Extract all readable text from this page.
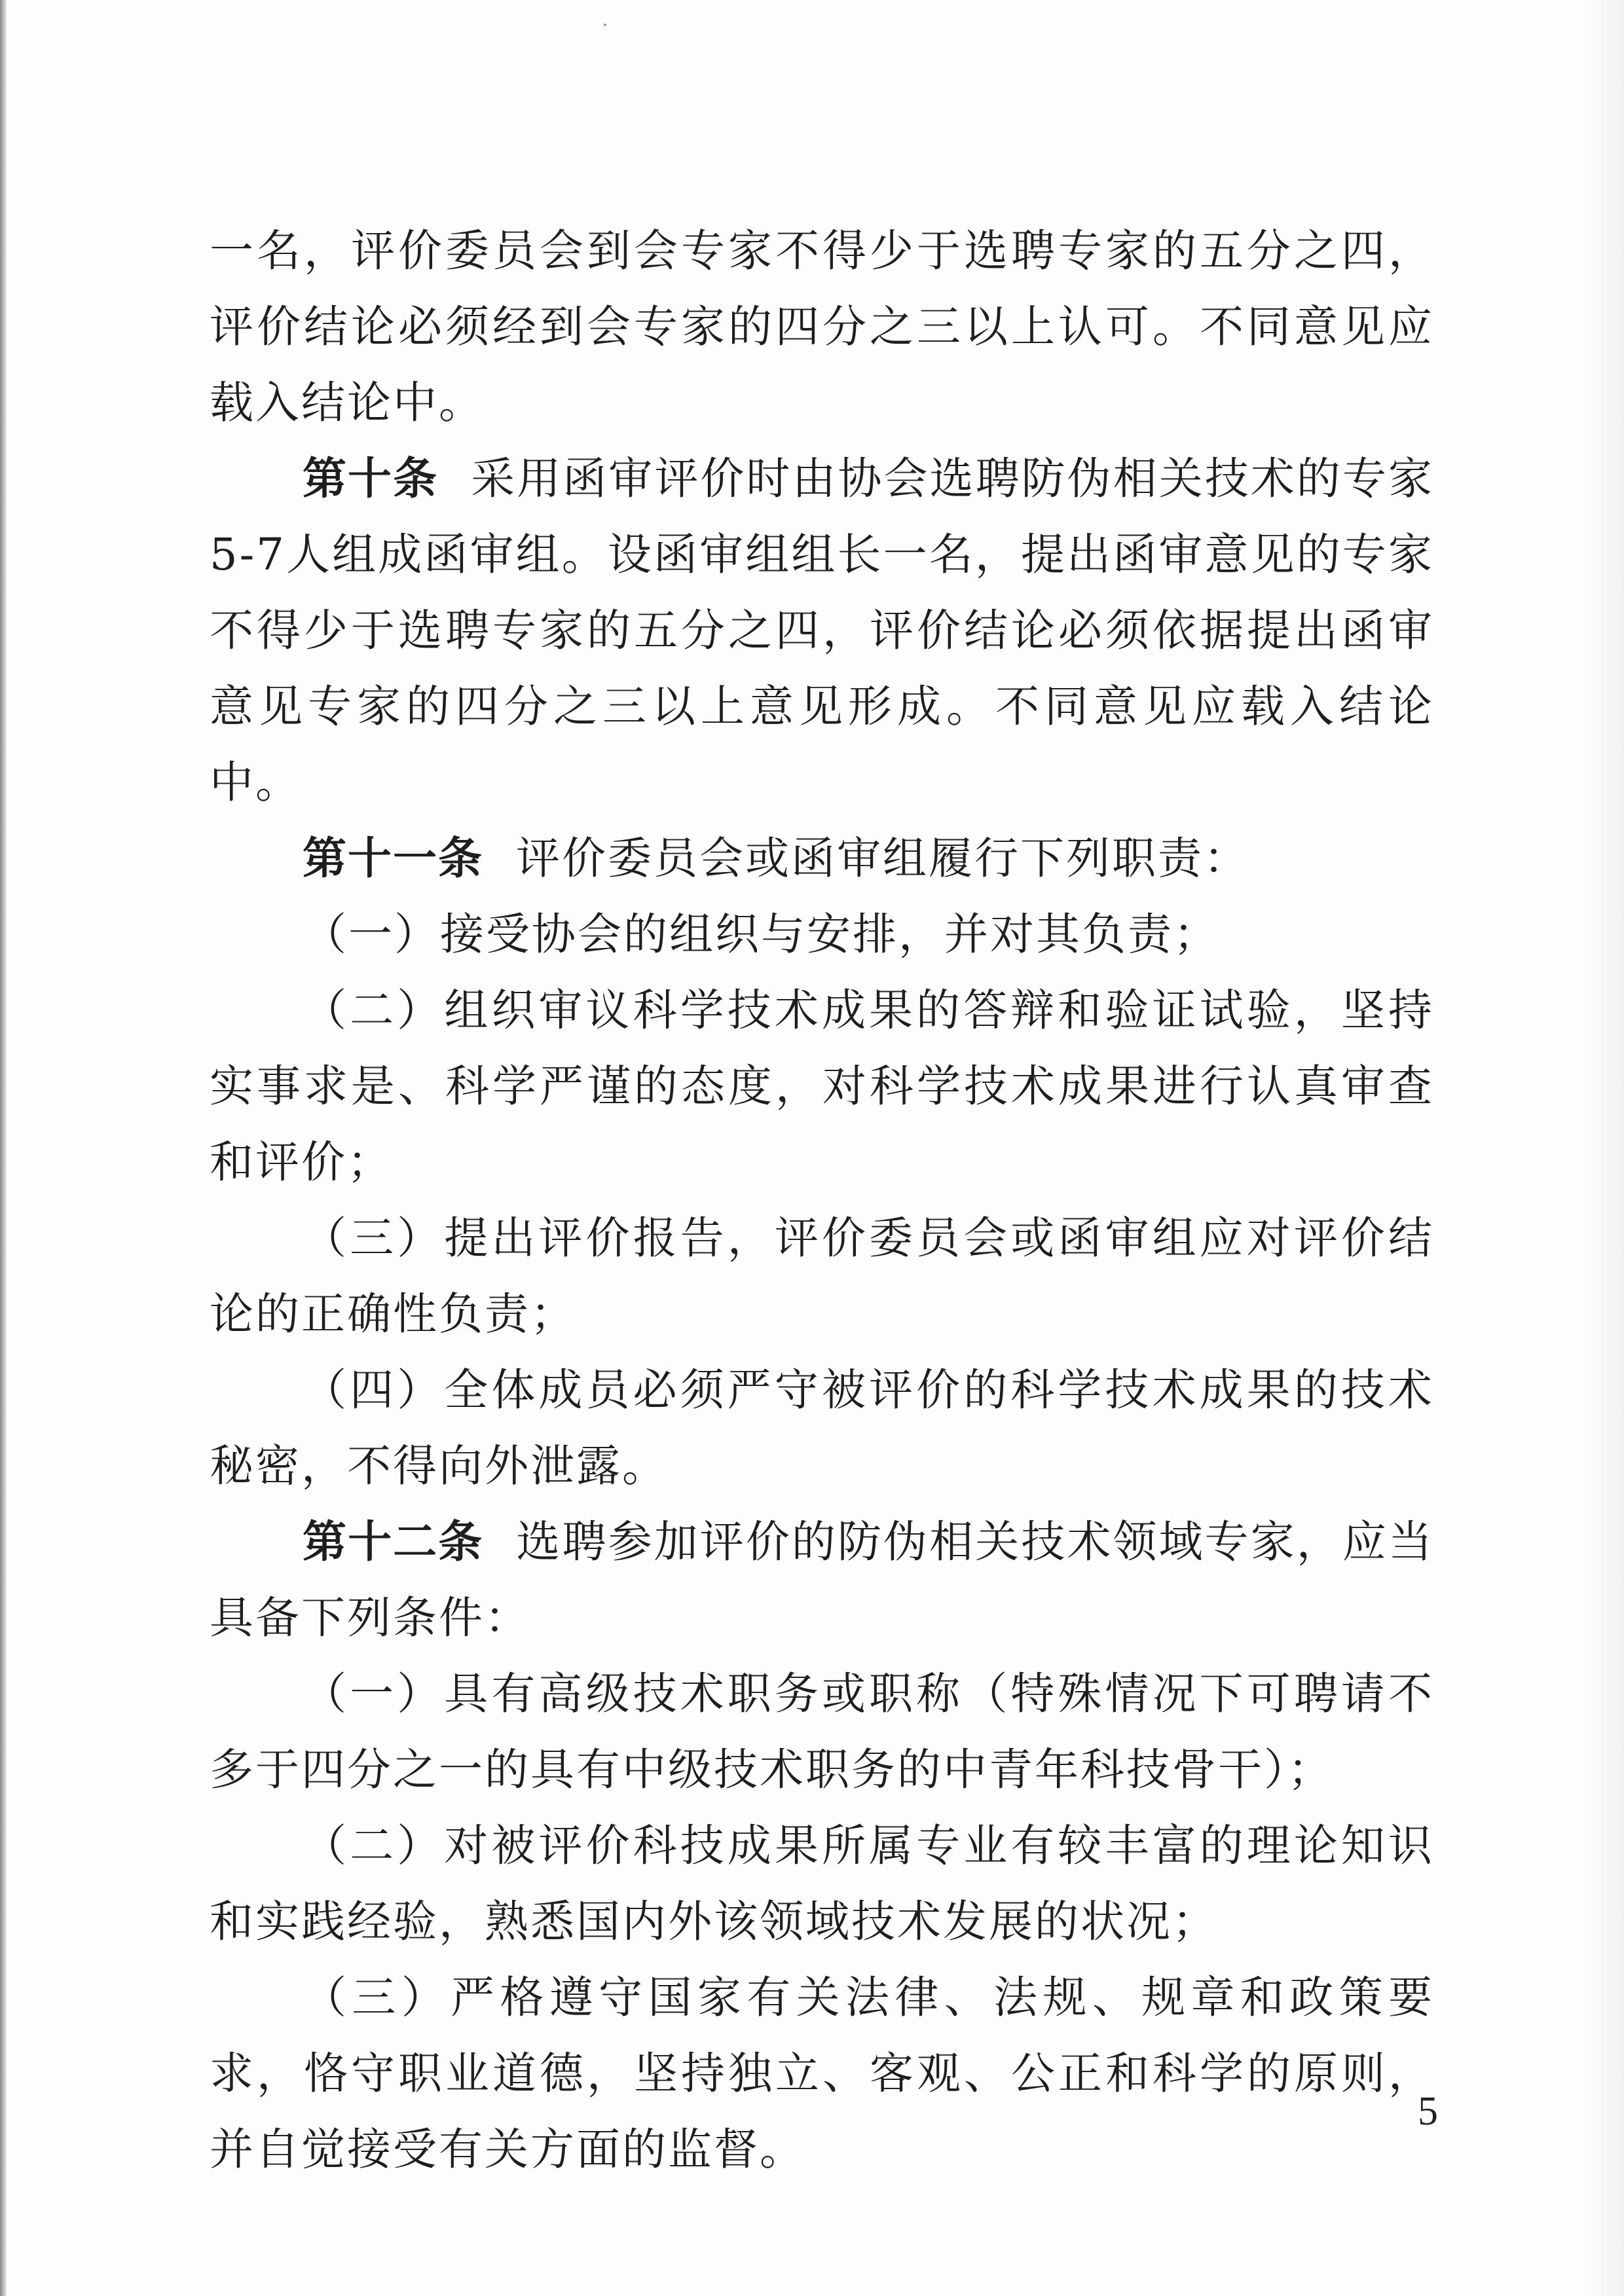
一名，评价委员会到会专家不得少于选聘专家的五分之四，评价结论必须经到会专家的四分之三以上认可。不同意见应载入结论中。

第十条 采用函审评价时由协会选聘防伪相关技术的专家5-7人组成函审组。设函审组组长一名，提出函审意见的专家不得少于选聘专家的五分之四，评价结论必须依据提出函审意见专家的四分之三以上意见形成。不同意见应载入结论中。

第十一条 评价委员会或函审组履行下列职责：

（一）接受协会的组织与安排，并对其负责；

（二）组织审议科学技术成果的答辩和验证试验，坚持实事求是、科学严谨的态度，对科学技术成果进行认真审查和评价；

（三）提出评价报告，评价委员会或函审组应对评价结论的正确性负责；

（四）全体成员必须严守被评价的科学技术成果的技术秘密，不得向外泄露。

第十二条 选聘参加评价的防伪相关技术领域专家，应当具备下列条件：

（一）具有高级技术职务或职称（特殊情况下可聘请不多于四分之一的具有中级技术职务的中青年科技骨干）；

（二）对被评价科技成果所属专业有较丰富的理论知识和实践经验，熟悉国内外该领域技术发展的状况；

（三）严格遵守国家有关法律、法规、规章和政策要求，恪守职业道德，坚持独立、客观、公正和科学的原则，并自觉接受有关方面的监督。

5
